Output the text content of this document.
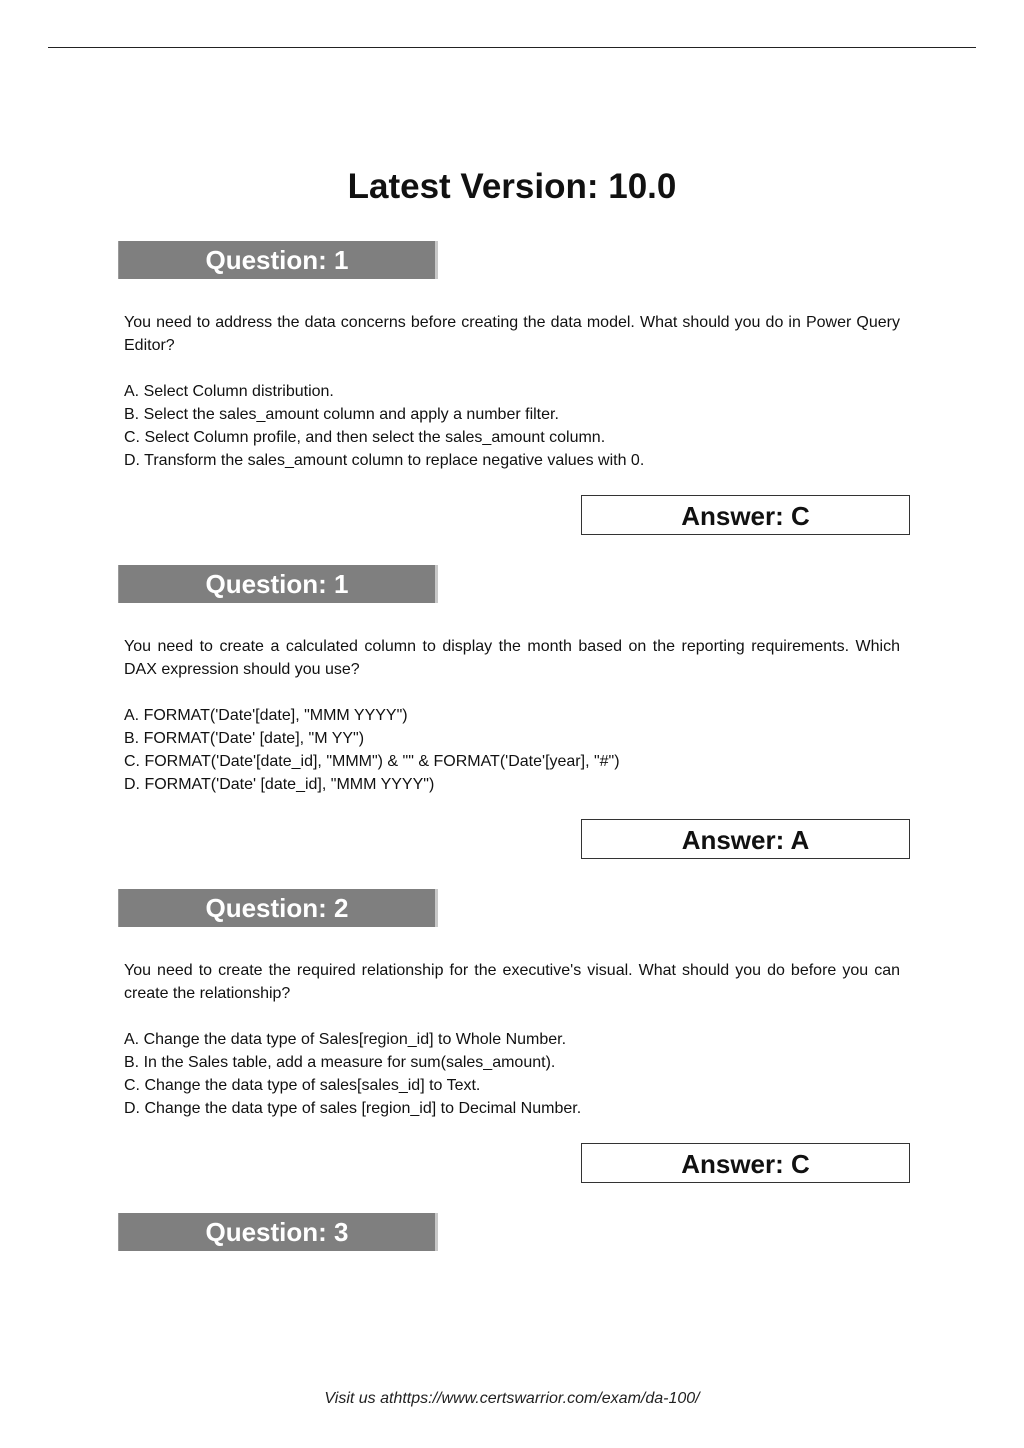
Latest Version: 10.0
Question: 1

You need to address the data concerns before creating the data model. What should you do in Power Query Editor?

A. Select Column distribution.
B. Select the sales_amount column and apply a number filter.
C. Select Column profile, and then select the sales_amount column.
D. Transform the sales_amount column to replace negative values with 0.
Answer: C
Question: 1

You need to create a calculated column to display the month based on the reporting requirements. Which DAX expression should you use?

A. FORMAT('Date'[date], "MMM YYYY")
B. FORMAT('Date' [date], "M YY")
C. FORMAT('Date'[date_id], "MMM") & "" & FORMAT('Date'[year], "#")
D. FORMAT('Date' [date_id], "MMM YYYY")
Answer: A
Question: 2

You need to create the required relationship for the executive's visual. What should you do before you can create the relationship?

A. Change the data type of Sales[region_id] to Whole Number.
B. In the Sales table, add a measure for sum(sales_amount).
C. Change the data type of sales[sales_id] to Text.
D. Change the data type of sales [region_id] to Decimal Number.
Answer: C
Question: 3
Visit us athttps://www.certswarrior.com/exam/da-100/
